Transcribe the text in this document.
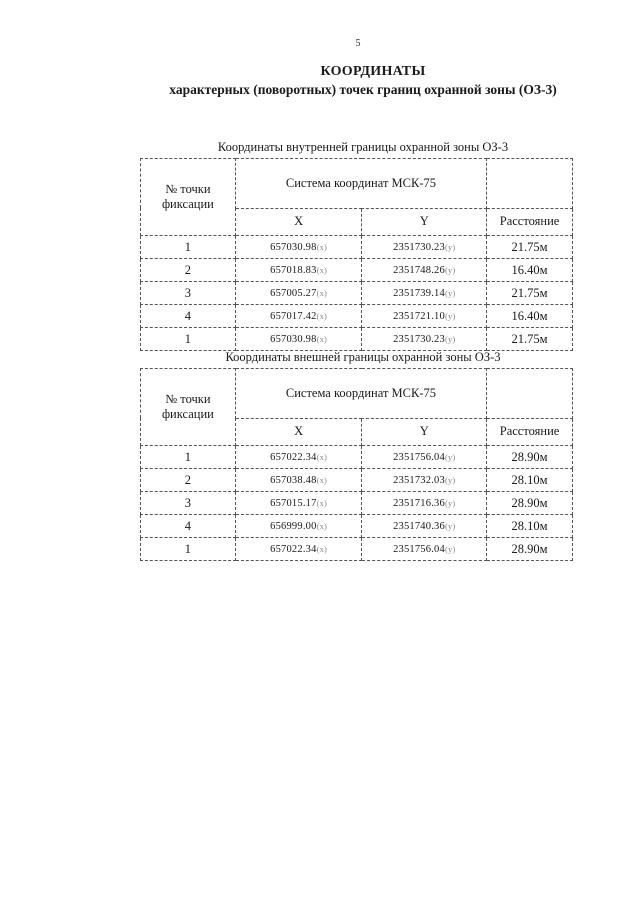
5
КООРДИНАТЫ
характерных (поворотных) точек границ охранной зоны (ОЗ-3)
Координаты внутренней границы охранной зоны ОЗ-3
№ точки фиксации	Система координат МСК-75		
	X	Y	Расстояние
1	657030.98(x)	2351730.23(y)	21.75м
2	657018.83(x)	2351748.26(y)	16.40м
3	657005.27(x)	2351739.14(y)	21.75м
4	657017.42(x)	2351721.10(y)	16.40м
1	657030.98(x)	2351730.23(y)	21.75м
Координаты внешней границы охранной зоны ОЗ-3
№ точки фиксации	Система координат МСК-75		
	X	Y	Расстояние
1	657022.34(x)	2351756.04(y)	28.90м
2	657038.48(x)	2351732.03(y)	28.10м
3	657015.17(x)	2351716.36(y)	28.90м
4	656999.00(x)	2351740.36(y)	28.10м
1	657022.34(x)	2351756.04(y)	28.90м
